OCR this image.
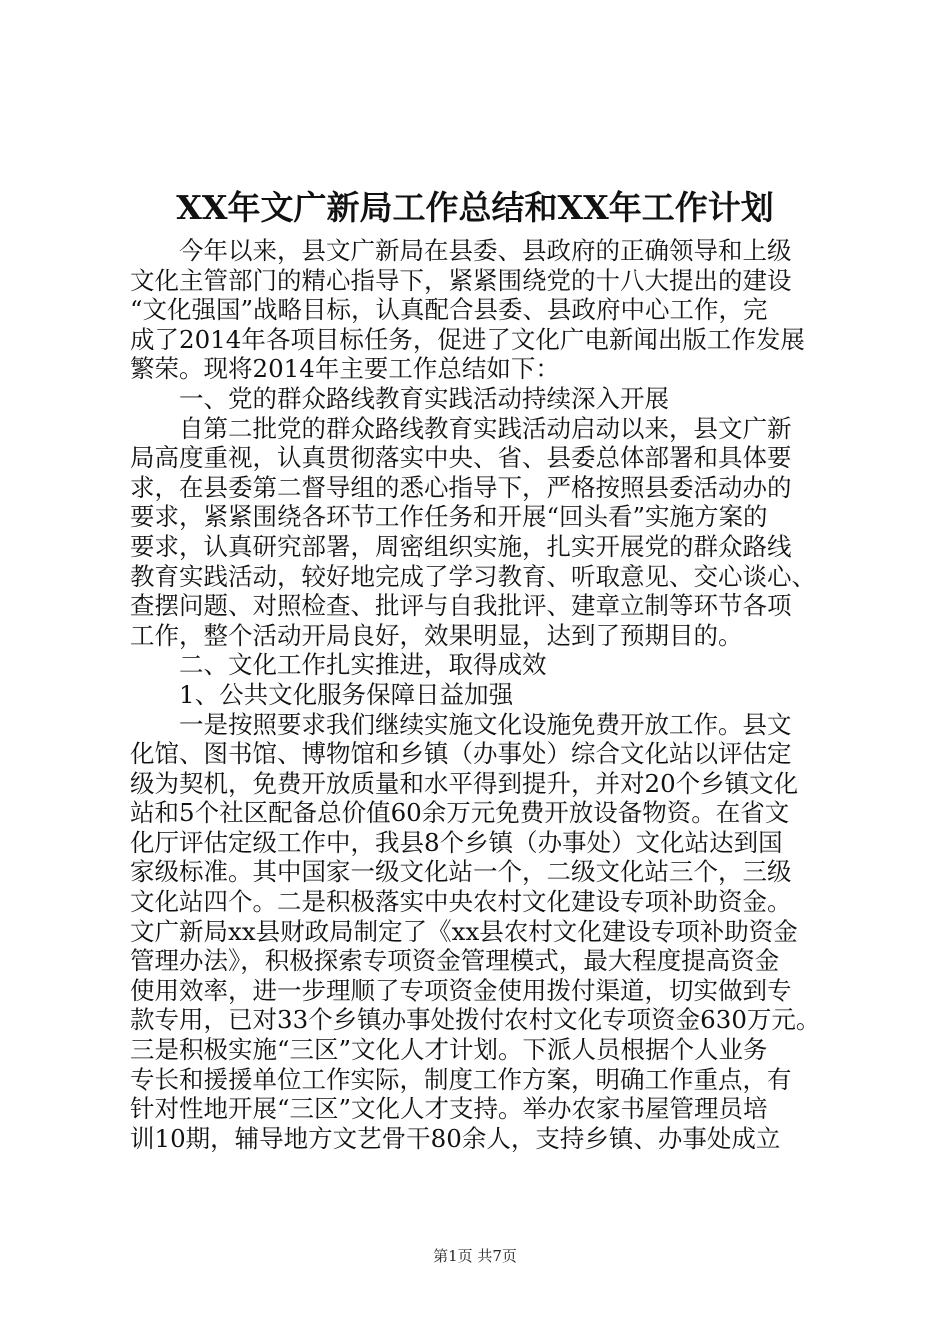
XX年文广新局工作总结和XX年工作计划
　　今年以来，县文广新局在县委、县政府的正确领导和上级
文化主管部门的精心指导下，紧紧围绕党的十八大提出的建设
“文化强国”战略目标，认真配合县委、县政府中心工作，完
成了2014年各项目标任务，促进了文化广电新闻出版工作发展
繁荣。现将2014年主要工作总结如下：
　　一、党的群众路线教育实践活动持续深入开展
　　自第二批党的群众路线教育实践活动启动以来，县文广新
局高度重视，认真贯彻落实中央、省、县委总体部署和具体要
求，在县委第二督导组的悉心指导下，严格按照县委活动办的
要求，紧紧围绕各环节工作任务和开展“回头看”实施方案的
要求，认真研究部署，周密组织实施，扎实开展党的群众路线
教育实践活动，较好地完成了学习教育、听取意见、交心谈心、
查摆问题、对照检查、批评与自我批评、建章立制等环节各项
工作，整个活动开局良好，效果明显，达到了预期目的。
　　二、文化工作扎实推进，取得成效
　　1、公共文化服务保障日益加强
　　一是按照要求我们继续实施文化设施免费开放工作。县文
化馆、图书馆、博物馆和乡镇（办事处）综合文化站以评估定
级为契机，免费开放质量和水平得到提升，并对20个乡镇文化
站和5个社区配备总价值60余万元免费开放设备物资。在省文
化厅评估定级工作中，我县8个乡镇（办事处）文化站达到国
家级标准。其中国家一级文化站一个，二级文化站三个，三级
文化站四个。二是积极落实中央农村文化建设专项补助资金。
文广新局xx县财政局制定了《xx县农村文化建设专项补助资金
管理办法》，积极探索专项资金管理模式，最大程度提高资金
使用效率，进一步理顺了专项资金使用拨付渠道，切实做到专
款专用，已对33个乡镇办事处拨付农村文化专项资金630万元。
三是积极实施“三区”文化人才计划。下派人员根据个人业务
专长和援援单位工作实际，制度工作方案，明确工作重点，有
针对性地开展“三区”文化人才支持。举办农家书屋管理员培
训10期，辅导地方文艺骨干80余人，支持乡镇、办事处成立
第1页 共7页
